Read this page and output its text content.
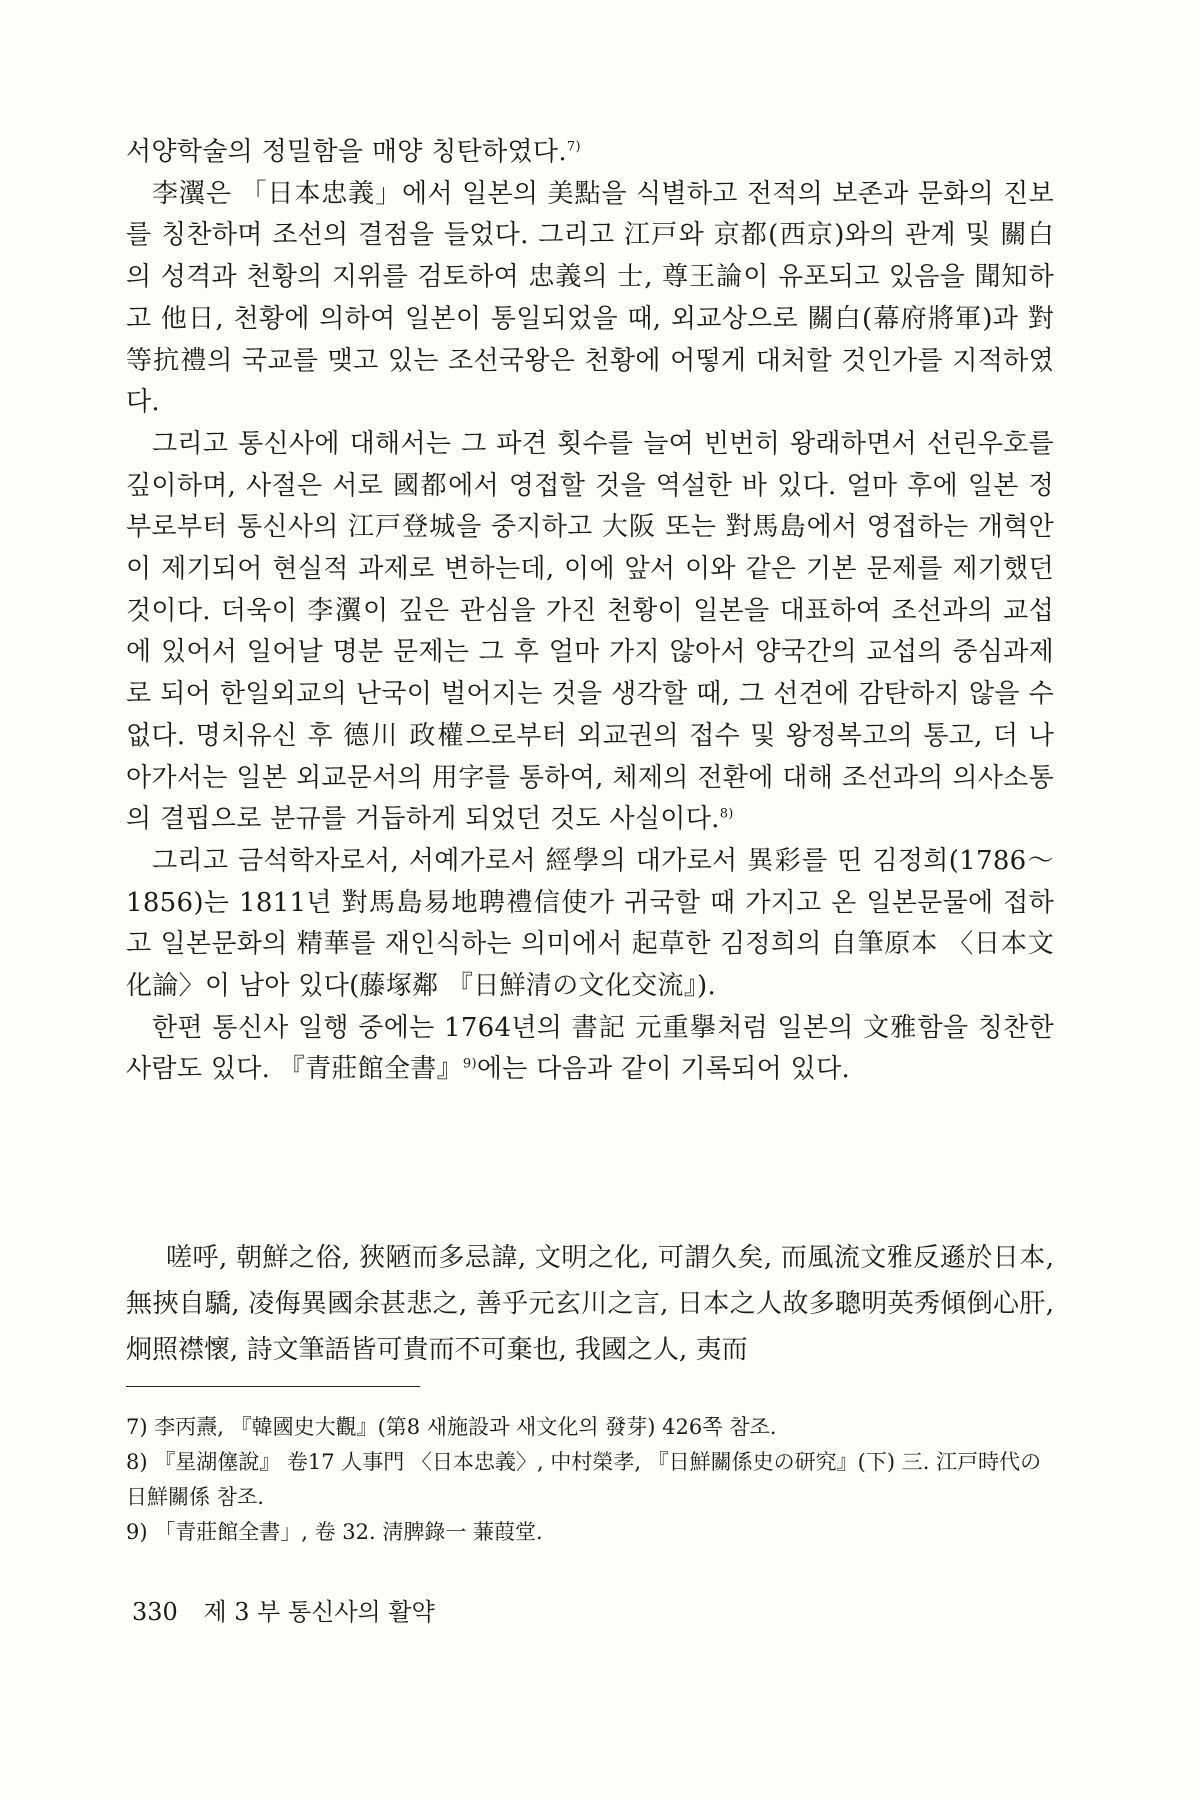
서양학술의 정밀함을 매양 칭탄하였다.$^{7)}$

李瀷은 「日本忠義」에서 일본의 美點을 식별하고 전적의 보존과 문화의 진보를 칭찬하며 조선의 결점을 들었다. 그리고 江戸와 京都(西京)와의 관계 및 關白의 성격과 천황의 지위를 검토하여 忠義의 士, 尊王論이 유포되고 있음을 聞知하고 他日, 천황에 의하여 일본이 통일되었을 때, 외교상으로 關白(幕府將軍)과 對等抗禮의 국교를 맺고 있는 조선국왕은 천황에 어떻게 대처할 것인가를 지적하였다.

그리고 통신사에 대해서는 그 파견 횟수를 늘여 빈번히 왕래하면서 선린우호를 깊이하며, 사절은 서로 國都에서 영접할 것을 역설한 바 있다. 얼마 후에 일본 정부로부터 통신사의 江戸登城을 중지하고 大阪 또는 對馬島에서 영접하는 개혁안이 제기되어 현실적 과제로 변하는데, 이에 앞서 이와 같은 기본 문제를 제기했던 것이다. 더욱이 李瀷이 깊은 관심을 가진 천황이 일본을 대표하여 조선과의 교섭에 있어서 일어날 명분 문제는 그 후 얼마 가지 않아서 양국간의 교섭의 중심과제로 되어 한일외교의 난국이 벌어지는 것을 생각할 때, 그 선견에 감탄하지 않을 수 없다. 명치유신 후 德川 政權으로부터 외교권의 접수 및 왕정복고의 통고, 더 나아가서는 일본 외교문서의 用字를 통하여, 체제의 전환에 대해 조선과의 의사소통의 결핍으로 분규를 거듭하게 되었던 것도 사실이다.$^{8)}$

그리고 금석학자로서, 서예가로서 經學의 대가로서 異彩를 띤 김정희(1786～1856)는 1811년 對馬島易地聘禮信使가 귀국할 때 가지고 온 일본문물에 접하고 일본문화의 精華를 재인식하는 의미에서 起草한 김정희의 自筆原本 〈日本文化論〉이 남아 있다(藤塚鄰 『日鮮清の文化交流』).

한편 통신사 일행 중에는 1764년의 書記 元重擧처럼 일본의 文雅함을 칭찬한 사람도 있다. 『青莊館全書』$^{9)}$에는 다음과 같이 기록되어 있다.

嗟呼, 朝鮮之俗, 狹陋而多忌諱, 文明之化, 可謂久矣, 而風流文雅反遜於日本, 無挾自驕, 凌侮異國余甚悲之, 善乎元玄川之言, 日本之人故多聰明英秀傾倒心肝, 炯照襟懷, 詩文筆語皆可貴而不可棄也, 我國之人, 夷而

7) 李丙燾, 『韓國史大觀』(第8 새施設과 새文化의 發芽) 426쪽 참조.
8) 『星湖僿說』 卷17 人事門 〈日本忠義〉, 中村榮孝, 『日鮮關係史の研究』(下) 三. 江戸時代の日鮮關係 참조.
9) 「青莊館全書」, 卷 32. 淸脾錄一 蒹葭堂.
330 제 3 부 통신사의 활약
